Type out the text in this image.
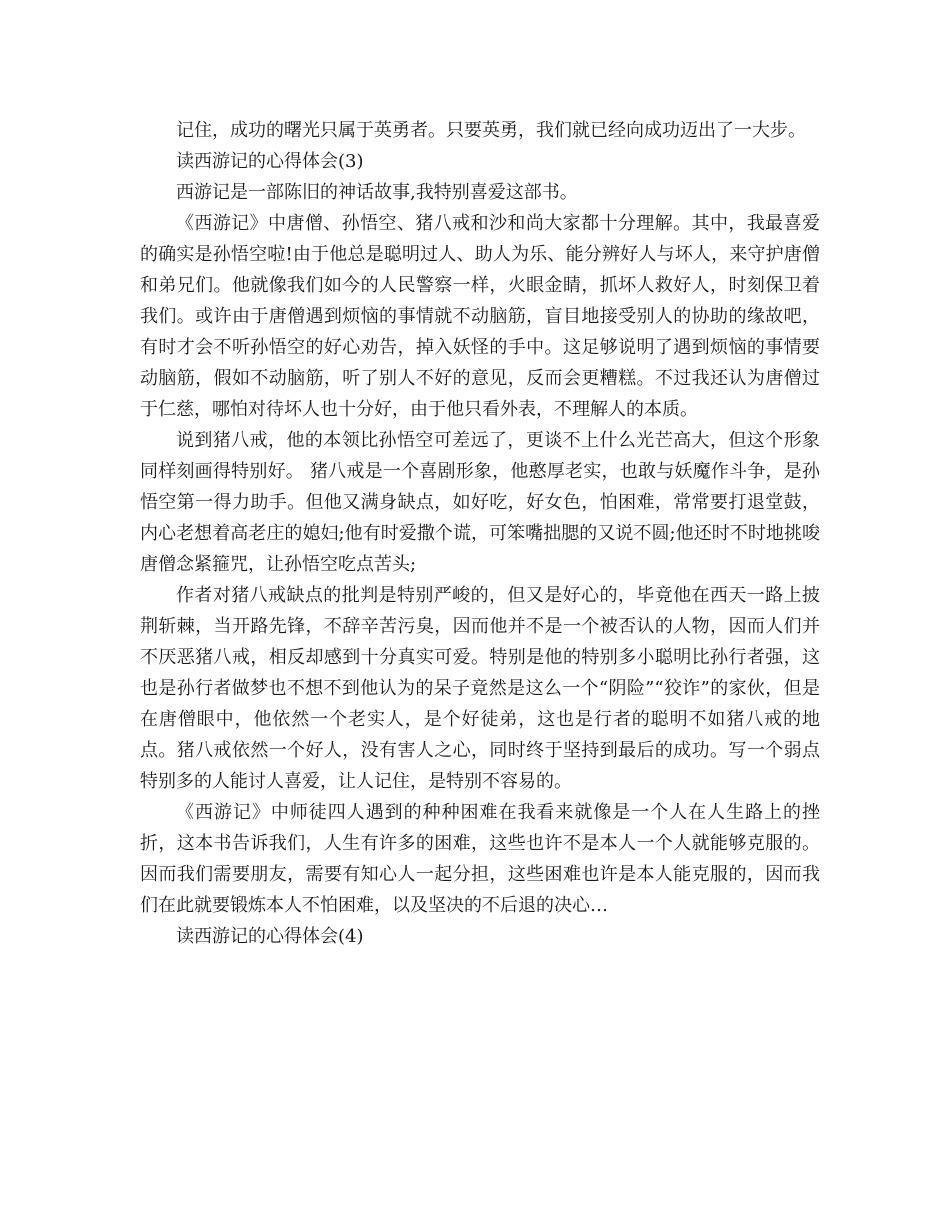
记住，成功的曙光只属于英勇者。只要英勇，我们就已经向成功迈出了一大步。

读西游记的心得体会(3)

西游记是一部陈旧的神话故事,我特别喜爱这部书。

《西游记》中唐僧、孙悟空、猪八戒和沙和尚大家都十分理解。其中，我最喜爱的确实是孙悟空啦!由于他总是聪明过人、助人为乐、能分辨好人与坏人，来守护唐僧和弟兄们。他就像我们如今的人民警察一样，火眼金睛，抓坏人救好人，时刻保卫着我们。或许由于唐僧遇到烦恼的事情就不动脑筋，盲目地接受别人的协助的缘故吧，有时才会不听孙悟空的好心劝告，掉入妖怪的手中。这足够说明了遇到烦恼的事情要动脑筋，假如不动脑筋，听了别人不好的意见，反而会更糟糕。不过我还认为唐僧过于仁慈，哪怕对待坏人也十分好，由于他只看外表，不理解人的本质。

说到猪八戒，他的本领比孙悟空可差远了，更谈不上什么光芒高大，但这个形象同样刻画得特别好。 猪八戒是一个喜剧形象，他憨厚老实，也敢与妖魔作斗争，是孙悟空第一得力助手。但他又满身缺点，如好吃，好女色，怕困难，常常要打退堂鼓，内心老想着高老庄的媳妇;他有时爱撒个谎，可笨嘴拙腮的又说不圆;他还时不时地挑唆唐僧念紧箍咒，让孙悟空吃点苦头;

作者对猪八戒缺点的批判是特别严峻的，但又是好心的，毕竟他在西天一路上披荆斩棘，当开路先锋，不辞辛苦污臭，因而他并不是一个被否认的人物，因而人们并不厌恶猪八戒，相反却感到十分真实可爱。特别是他的特别多小聪明比孙行者强，这也是孙行者做梦也不想不到他认为的呆子竟然是这么一个“阴险”“狡诈”的家伙，但是在唐僧眼中，他依然一个老实人，是个好徒弟，这也是行者的聪明不如猪八戒的地点。猪八戒依然一个好人，没有害人之心，同时终于坚持到最后的成功。写一个弱点特别多的人能讨人喜爱，让人记住，是特别不容易的。

《西游记》中师徒四人遇到的种种困难在我看来就像是一个人在人生路上的挫折，这本书告诉我们，人生有许多的困难，这些也许不是本人一个人就能够克服的。因而我们需要朋友，需要有知心人一起分担，这些困难也许是本人能克服的，因而我们在此就要锻炼本人不怕困难，以及坚决的不后退的决心…

读西游记的心得体会(4)
